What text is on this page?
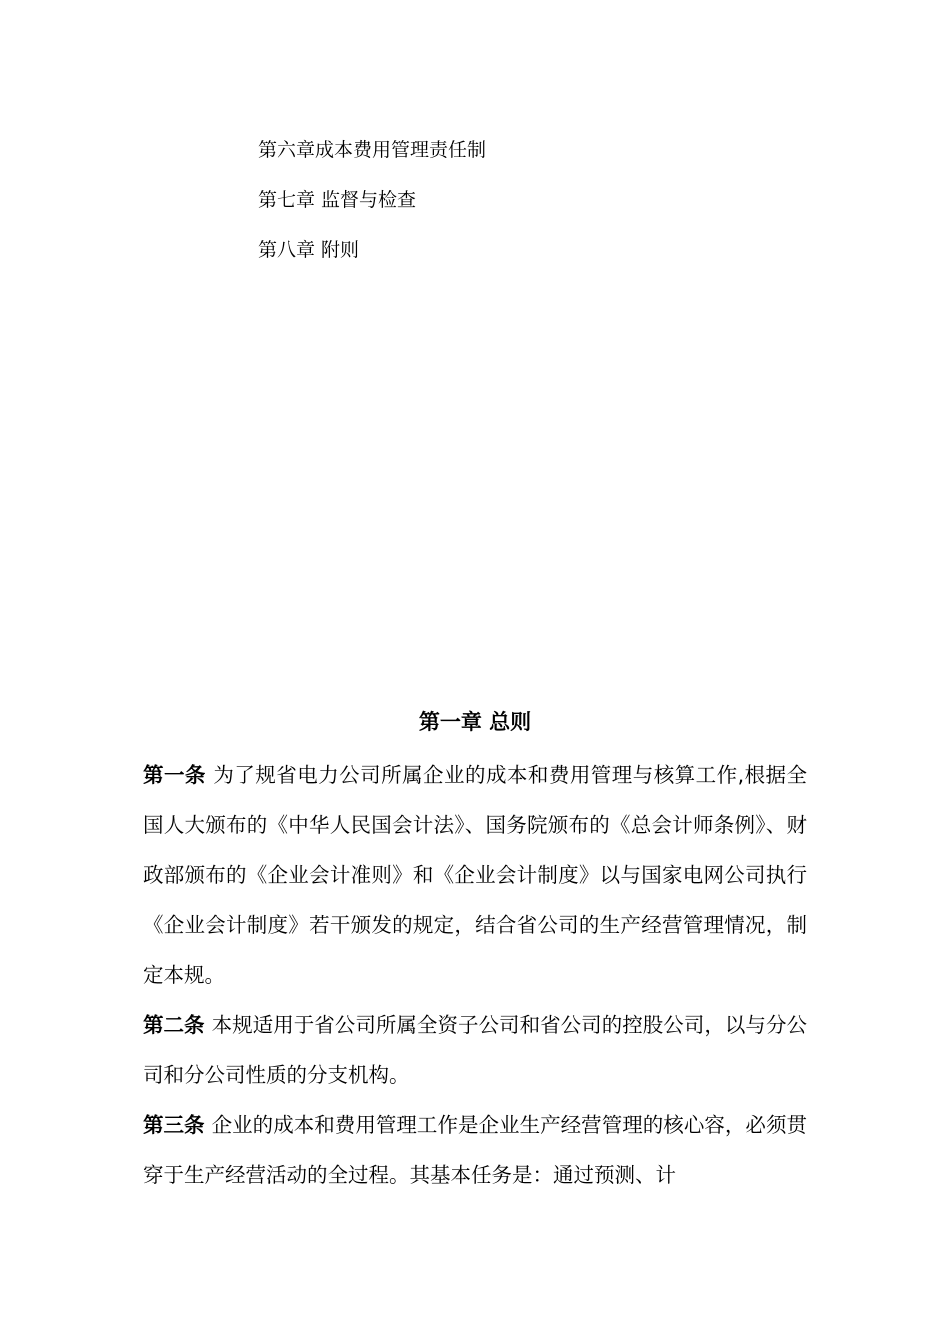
第六章成本费用管理责任制
第七章 监督与检查
第八章 附则
第一章 总则

第一条 为了规省电力公司所属企业的成本和费用管理与核算工作,根据全国人大颁布的《中华人民国会计法》、国务院颁布的《总会计师条例》、财政部颁布的《企业会计准则》和《企业会计制度》以与国家电网公司执行《企业会计制度》若干颁发的规定，结合省公司的生产经营管理情况，制定本规。

第二条 本规适用于省公司所属全资子公司和省公司的控股公司，以与分公司和分公司性质的分支机构。

第三条 企业的成本和费用管理工作是企业生产经营管理的核心容，必须贯穿于生产经营活动的全过程。其基本任务是：通过预测、计
